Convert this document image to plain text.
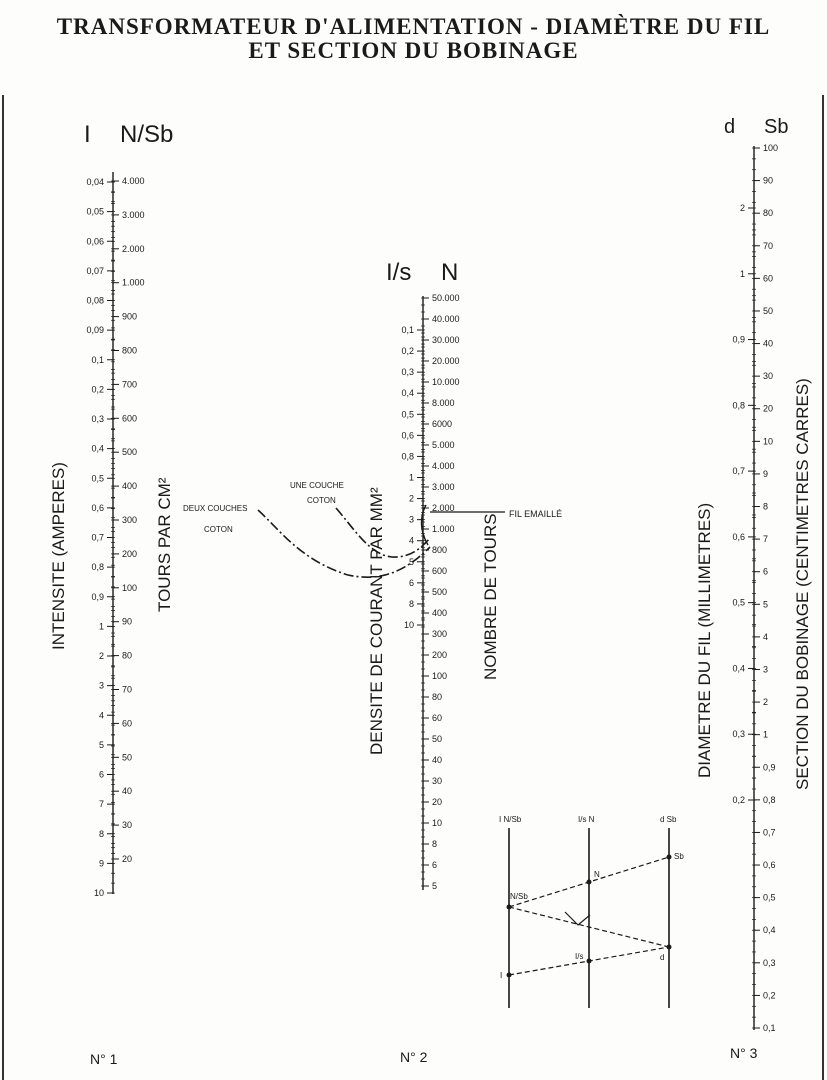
TRANSFORMATEUR D'ALIMENTATION - DIAMÈTRE DU FIL
ET SECTION DU BOBINAGE
I N/Sb
0,04
0,05
0,06
0,07
0,08
0,09
0,1
0,2
0,3
0,4
0,5
0,6
0,7
0,8
0,9
1
2
3
4
5
6
7
8
9
10
4.000
3.000
2.000
1.000
900
800
700
600
500
400
300
200
100
90
80
70
60
50
40
30
20
INTENSITE (AMPERES)	TOURS PAR CM²
N° 1
I/s N
0,1
0,2
0,3
0,4
0,5
0,6
0,8
1
2
3
4
5
6
8
10
50.000
40.000
30.000
20.000
10.000
8.000
6000
5.000
4.000
3.000
2.000
1.000
800
600
500
400
300
200
100
80
60
50
40
30
20
10
8
6
5
DENSITE DE COURANT PAR MM²	NOMBRE DE TOURS
N° 2
d Sb
2
1
0,9
0,8
0,7
0,6
0,5
0,4
0,3
0,2
100
90
80
70
60
50
40
30
20
10
9
8
7
6
5
4
3
2
1
0,9
0,8
0,7
0,6
0,5
0,4
0,3
0,2
0,1
DIAMETRE DU FIL (MILLIMETRES)	SECTION DU BOBINAGE (CENTIMETRES CARRES)
N° 3
DEUX COUCHES
COTON
UNE COUCHE
COTON
FIL EMAILLÉ
I N/Sb	I/s N	d Sb
N/Sb
N
Sb
I/s	d
I
